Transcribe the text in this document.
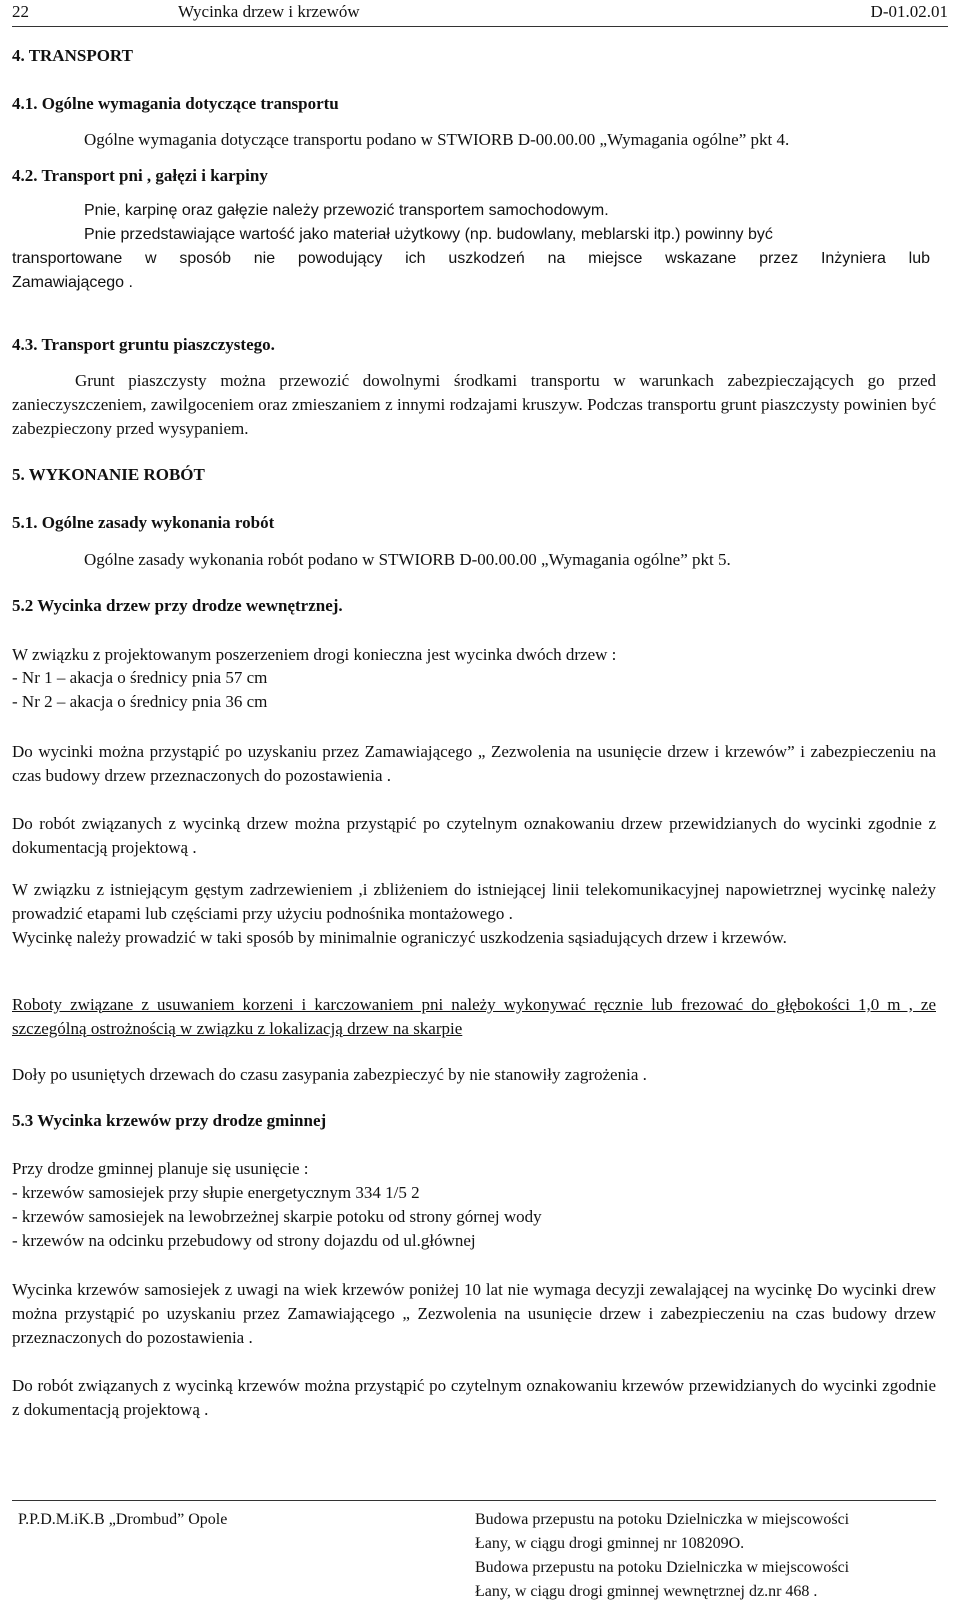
22	Wycinka drzew i krzewów	D-01.02.01
4. TRANSPORT
4.1. Ogólne wymagania dotyczące transportu
Ogólne wymagania dotyczące transportu podano w STWIORB D-00.00.00 „Wymagania ogólne” pkt 4.
4.2. Transport pni , gałęzi i karpiny
Pnie, karpinę oraz gałęzie należy przewozić transportem samochodowym.
Pnie przedstawiające wartość jako materiał użytkowy (np. budowlany, meblarski itp.) powinny być
transportowane w sposób nie powodujący ich uszkodzeń na miejsce wskazane przez Inżyniera lub
Zamawiającego .
4.3. Transport gruntu piaszczystego.
Grunt piaszczysty można przewozić dowolnymi środkami transportu w warunkach zabezpieczających go przed zanieczyszczeniem, zawilgoceniem oraz zmieszaniem z innymi rodzajami kruszyw. Podczas transportu grunt piaszczysty powinien być zabezpieczony przed wysypaniem.
5. WYKONANIE ROBÓT
5.1. Ogólne zasady wykonania robót
Ogólne zasady wykonania robót podano w STWIORB D-00.00.00 „Wymagania ogólne” pkt 5.
5.2 Wycinka drzew przy drodze wewnętrznej.
W związku z projektowanym poszerzeniem drogi konieczna jest wycinka dwóch drzew :
- Nr 1 – akacja o średnicy pnia 57 cm
- Nr 2 – akacja o średnicy pnia 36 cm
Do wycinki można przystąpić po uzyskaniu przez Zamawiającego „ Zezwolenia na usunięcie drzew i krzewów” i zabezpieczeniu na czas budowy drzew przeznaczonych do pozostawienia .
Do robót związanych z wycinką drzew można przystąpić po czytelnym oznakowaniu drzew przewidzianych do wycinki zgodnie z dokumentacją projektową .
W związku z istniejącym gęstym zadrzewieniem ,i zbliżeniem do istniejącej linii telekomunikacyjnej napowietrznej wycinkę należy prowadzić etapami lub częściami przy użyciu podnośnika montażowego .
Wycinkę należy prowadzić w taki sposób by minimalnie ograniczyć uszkodzenia sąsiadujących drzew i krzewów.
Roboty związane z usuwaniem korzeni i karczowaniem pni należy wykonywać ręcznie lub frezować do głębokości 1,0 m , ze szczególną ostrożnością w związku z lokalizacją drzew na skarpie
Doły po usuniętych drzewach do czasu zasypania zabezpieczyć by nie stanowiły zagrożenia .
5.3 Wycinka krzewów przy drodze gminnej
Przy drodze gminnej planuje się usunięcie :
- krzewów samosiejek przy słupie energetycznym 334 1/5 2
- krzewów samosiejek na lewobrzeżnej skarpie potoku od strony górnej wody
- krzewów na odcinku przebudowy od strony dojazdu od ul.głównej
Wycinka krzewów samosiejek z uwagi na wiek krzewów poniżej 10 lat nie wymaga decyzji zewalającej na wycinkę Do wycinki drew można przystąpić po uzyskaniu przez Zamawiającego „ Zezwolenia na usunięcie drzew i zabezpieczeniu na czas budowy drzew przeznaczonych do pozostawienia .
Do robót związanych z wycinką krzewów można przystąpić po czytelnym oznakowaniu krzewów przewidzianych do wycinki zgodnie z dokumentacją projektową .
P.P.D.M.iK.B „Drombud” Opole	Budowa przepustu na potoku Dzielniczka w miejscowości
Łany, w ciągu drogi gminnej nr 108209O.
Budowa przepustu na potoku Dzielniczka w miejscowości
Łany, w ciągu drogi gminnej wewnętrznej dz.nr 468 .
